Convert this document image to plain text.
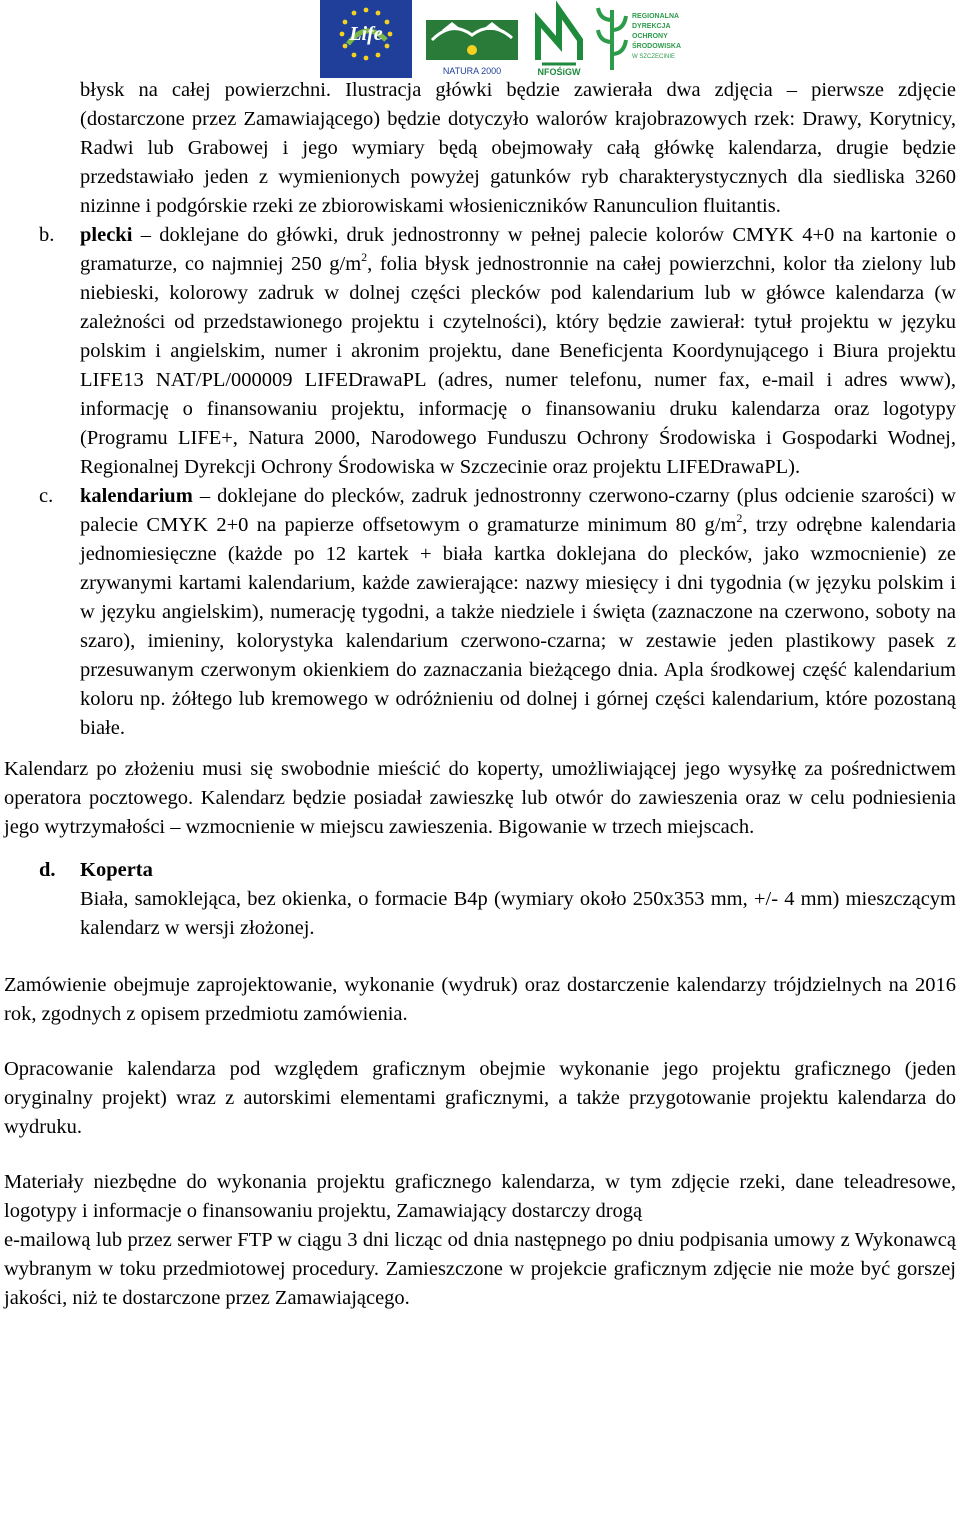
Life
NATURA 2000	NFOŚiGW
REGIONALNA
DYREKCJA
OCHRONY
ŚRODOWISKA
W SZCZECINIE

błysk na całej powierzchni. Ilustracja główki będzie zawierała dwa zdjęcia – pierwsze zdjęcie (dostarczone przez Zamawiającego) będzie dotyczyło walorów krajobrazowych rzek: Drawy, Korytnicy, Radwi lub Grabowej i jego wymiary będą obejmowały całą główkę kalendarza, drugie będzie przedstawiało jeden z wymienionych powyżej gatunków ryb charakterystycznych dla siedliska 3260 nizinne i podgórskie rzeki ze zbiorowiskami włosieniczników Ranunculion fluitantis.

b. plecki – doklejane do główki, druk jednostronny w pełnej palecie kolorów CMYK 4+0 na kartonie o gramaturze, co najmniej 250 $g/m^2$, folia błysk jednostronnie na całej powierzchni, kolor tła zielony lub niebieski, kolorowy zadruk w dolnej części plecków pod kalendarium lub w główce kalendarza (w zależności od przedstawionego projektu i czytelności), który będzie zawierał: tytuł projektu w języku polskim i angielskim, numer i akronim projektu, dane Beneficjenta Koordynującego i Biura projektu LIFE13 NAT/PL/000009 LIFEDrawaPL (adres, numer telefonu, numer fax, e-mail i adres www), informację o finansowaniu projektu, informację o finansowaniu druku kalendarza oraz logotypy (Programu LIFE+, Natura 2000, Narodowego Funduszu Ochrony Środowiska i Gospodarki Wodnej, Regionalnej Dyrekcji Ochrony Środowiska w Szczecinie oraz projektu LIFEDrawaPL).
c. kalendarium – doklejane do plecków, zadruk jednostronny czerwono-czarny (plus odcienie szarości) w palecie CMYK 2+0 na papierze offsetowym o gramaturze minimum 80 $g/m^2$, trzy odrębne kalendaria jednomiesięczne (każde po 12 kartek + biała kartka doklejana do plecków, jako wzmocnienie) ze zrywanymi kartami kalendarium, każde zawierające: nazwy miesięcy i dni tygodnia (w języku polskim i w języku angielskim), numerację tygodni, a także niedziele i święta (zaznaczone na czerwono, soboty na szaro), imieniny, kolorystyka kalendarium czerwono-czarna; w zestawie jeden plastikowy pasek z przesuwanym czerwonym okienkiem do zaznaczania bieżącego dnia. Apla środkowej część kalendarium koloru np. żółtego lub kremowego w odróżnieniu od dolnej i górnej części kalendarium, które pozostaną białe.

Kalendarz po złożeniu musi się swobodnie mieścić do koperty, umożliwiającej jego wysyłkę za pośrednictwem operatora pocztowego. Kalendarz będzie posiadał zawieszkę lub otwór do zawieszenia oraz w celu podniesienia jego wytrzymałości – wzmocnienie w miejscu zawieszenia. Bigowanie w trzech miejscach.

d. Koperta
Biała, samoklejąca, bez okienka, o formacie B4p (wymiary około 250x353 mm, +/- 4 mm) mieszczącym kalendarz w wersji złożonej.

Zamówienie obejmuje zaprojektowanie, wykonanie (wydruk) oraz dostarczenie kalendarzy trójdzielnych na 2016 rok, zgodnych z opisem przedmiotu zamówienia.

Opracowanie kalendarza pod względem graficznym obejmie wykonanie jego projektu graficznego (jeden oryginalny projekt) wraz z autorskimi elementami graficznymi, a także przygotowanie projektu kalendarza do wydruku.

Materiały niezbędne do wykonania projektu graficznego kalendarza, w tym zdjęcie rzeki, dane teleadresowe, logotypy i informacje o finansowaniu projektu, Zamawiający dostarczy drogą

e-mailową lub przez serwer FTP w ciągu 3 dni licząc od dnia następnego po dniu podpisania umowy z Wykonawcą wybranym w toku przedmiotowej procedury. Zamieszczone w projekcie graficznym zdjęcie nie może być gorszej jakości, niż te dostarczone przez Zamawiającego.
